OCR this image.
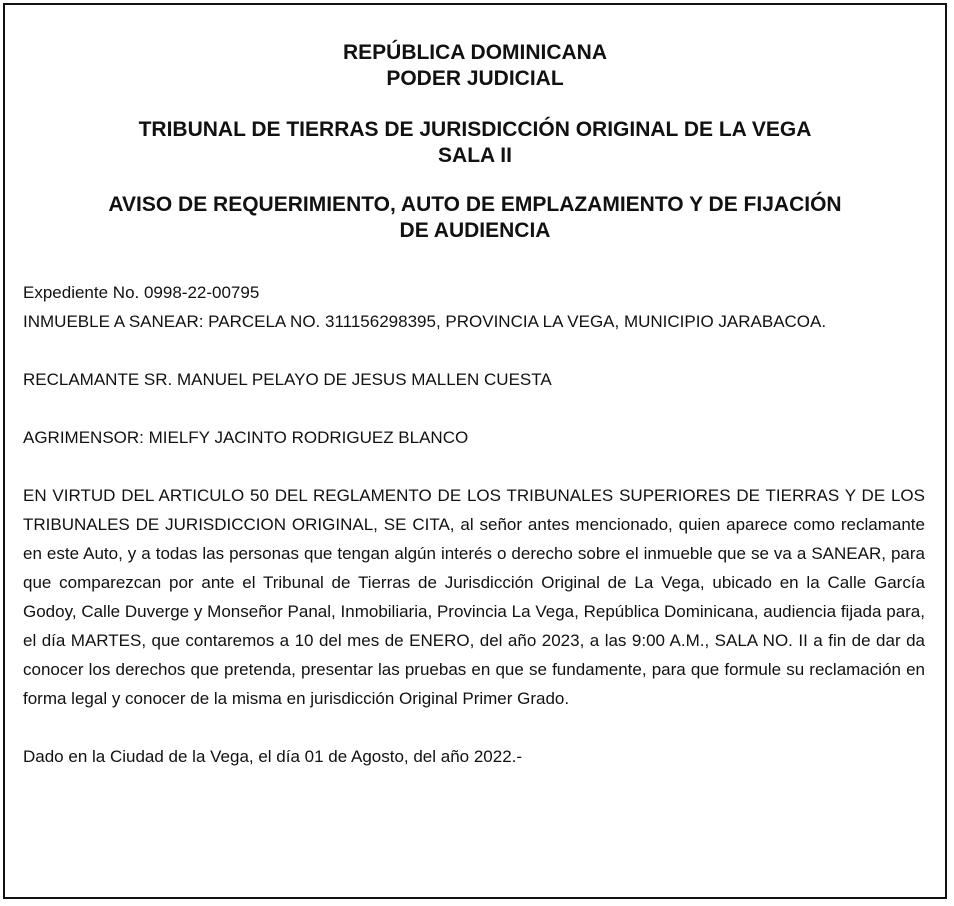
REPÚBLICA DOMINICANA
PODER JUDICIAL
TRIBUNAL DE TIERRAS DE JURISDICCIÓN ORIGINAL DE LA VEGA
SALA II
AVISO DE REQUERIMIENTO, AUTO DE EMPLAZAMIENTO Y DE FIJACIÓN
DE AUDIENCIA

Expediente No. 0998-22-00795

INMUEBLE A SANEAR: PARCELA NO. 311156298395, PROVINCIA LA VEGA, MUNICIPIO JARABACOA.

RECLAMANTE SR. MANUEL PELAYO DE JESUS MALLEN CUESTA

AGRIMENSOR: MIELFY JACINTO RODRIGUEZ BLANCO

EN VIRTUD DEL ARTICULO 50 DEL REGLAMENTO DE LOS TRIBUNALES SUPERIORES DE TIERRAS Y DE LOS TRIBUNALES DE JURISDICCION ORIGINAL, SE CITA, al señor antes mencionado, quien aparece como reclamante en este Auto, y a todas las personas que tengan algún interés o derecho sobre el inmueble que se va a SANEAR, para que comparezcan por ante el Tribunal de Tierras de Jurisdicción Original de La Vega, ubicado en la Calle García Godoy, Calle Duverge y Monseñor Panal, Inmobiliaria, Provincia La Vega, República Dominicana, audiencia fijada para, el día MARTES, que contaremos a 10 del mes de ENERO, del año 2023, a las 9:00 A.M., SALA NO. II a fin de dar da conocer los derechos que pretenda, presentar las pruebas en que se fundamente, para que formule su reclamación en forma legal y conocer de la misma en jurisdicción Original Primer Grado.

Dado en la Ciudad de la Vega, el día 01 de Agosto, del año 2022.-
